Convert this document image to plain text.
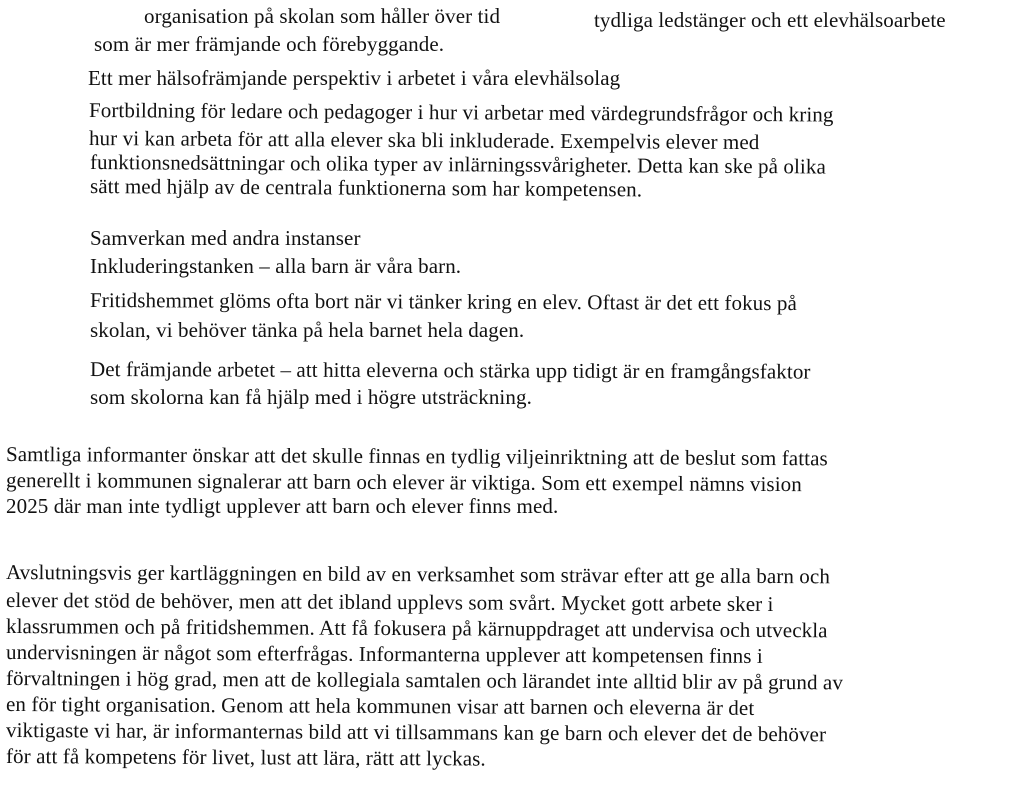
organisation på skolan som håller över tid	tydliga ledstänger och ett elevhälsoarbete
som är mer främjande och förebyggande.
Ett mer hälsofrämjande perspektiv i arbetet i våra elevhälsolag
Fortbildning för ledare och pedagoger i hur vi arbetar med värdegrundsfrågor och kring
hur vi kan arbeta för att alla elever ska bli inkluderade. Exempelvis elever med
funktionsnedsättningar och olika typer av inlärningssvårigheter. Detta kan ske på olika
sätt med hjälp av de centrala funktionerna som har kompetensen.
Samverkan med andra instanser
Inkluderingstanken – alla barn är våra barn.
Fritidshemmet glöms ofta bort när vi tänker kring en elev. Oftast är det ett fokus på
skolan, vi behöver tänka på hela barnet hela dagen.
Det främjande arbetet – att hitta eleverna och stärka upp tidigt är en framgångsfaktor
som skolorna kan få hjälp med i högre utsträckning.
Samtliga informanter önskar att det skulle finnas en tydlig viljeinriktning att de beslut som fattas
generellt i kommunen signalerar att barn och elever är viktiga. Som ett exempel nämns vision
2025 där man inte tydligt upplever att barn och elever finns med.
Avslutningsvis ger kartläggningen en bild av en verksamhet som strävar efter att ge alla barn och
elever det stöd de behöver, men att det ibland upplevs som svårt. Mycket gott arbete sker i
klassrummen och på fritidshemmen. Att få fokusera på kärnuppdraget att undervisa och utveckla
undervisningen är något som efterfrågas. Informanterna upplever att kompetensen finns i
förvaltningen i hög grad, men att de kollegiala samtalen och lärandet inte alltid blir av på grund av
en för tight organisation. Genom att hela kommunen visar att barnen och eleverna är det
viktigaste vi har, är informanternas bild att vi tillsammans kan ge barn och elever det de behöver
för att få kompetens för livet, lust att lära, rätt att lyckas.
